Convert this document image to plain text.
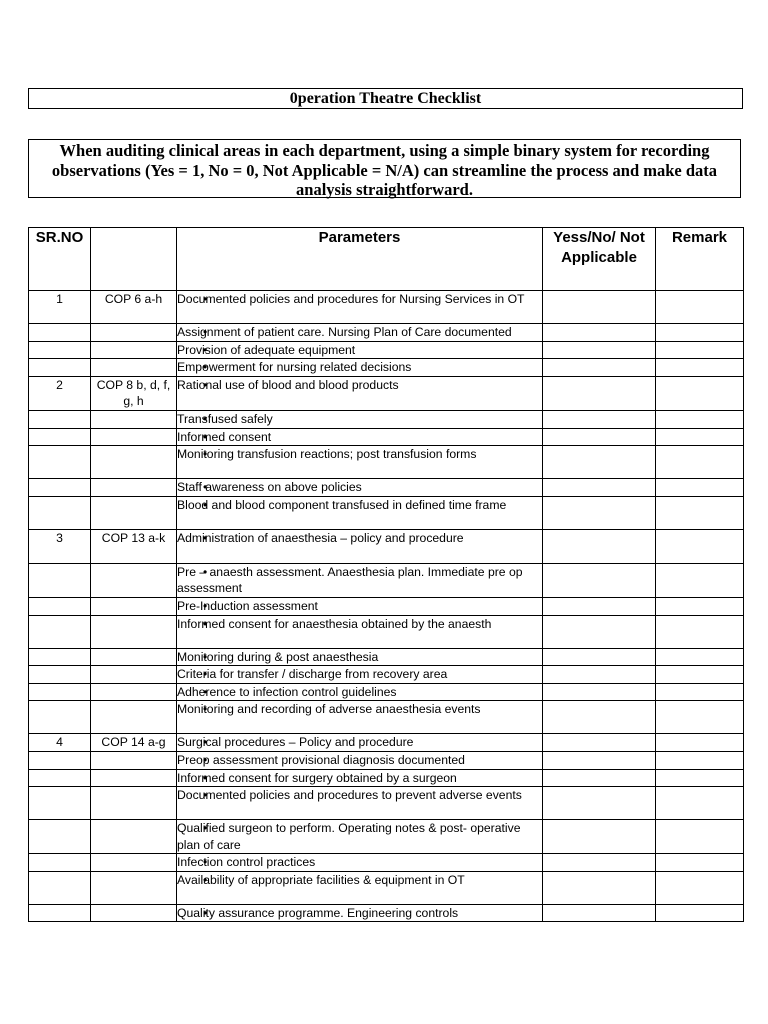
0peration Theatre Checklist
When auditing clinical areas in each department, using a simple binary system for recording observations (Yes = 1, No = 0, Not Applicable = N/A) can streamline the process and make data analysis straightforward.
SR.NO		Parameters	Yess/No/ Not Applicable	Remark
1	COP 6 a-h	• Documented policies and procedures for Nursing Services in OT		
		• Assignment of patient care. Nursing Plan of Care documented		
		• Provision of adequate equipment		
		• Empowerment for nursing related decisions		
2	COP 8 b, d, f, g, h	• Rational use of blood and blood products		
		• Transfused safely		
		• Informed consent		
		• Monitoring transfusion reactions; post transfusion forms		
		• Staff awareness on above policies		
		• Blood and blood component transfused in defined time frame		
3	COP 13 a-k	• Administration of anaesthesia – policy and procedure		
		• Pre – anaesth assessment. Anaesthesia plan. Immediate pre op assessment		
		• Pre-Induction assessment		
		• Informed consent for anaesthesia obtained by the anaesth		
		• Monitoring during & post anaesthesia		
		• Criteria for transfer / discharge from recovery area		
		• Adherence to infection control guidelines		
		• Monitoring and recording of adverse anaesthesia events		
4	COP 14 a-g	• Surgical procedures – Policy and procedure		
		• Preop assessment provisional diagnosis documented		
		• Informed consent for surgery obtained by a surgeon		
		• Documented policies and procedures to prevent adverse events		
		• Qualified surgeon to perform. Operating notes & post- operative plan of care		
		• Infection control practices		
		• Availability of appropriate facilities & equipment in OT		
		• Quality assurance programme. Engineering controls		
